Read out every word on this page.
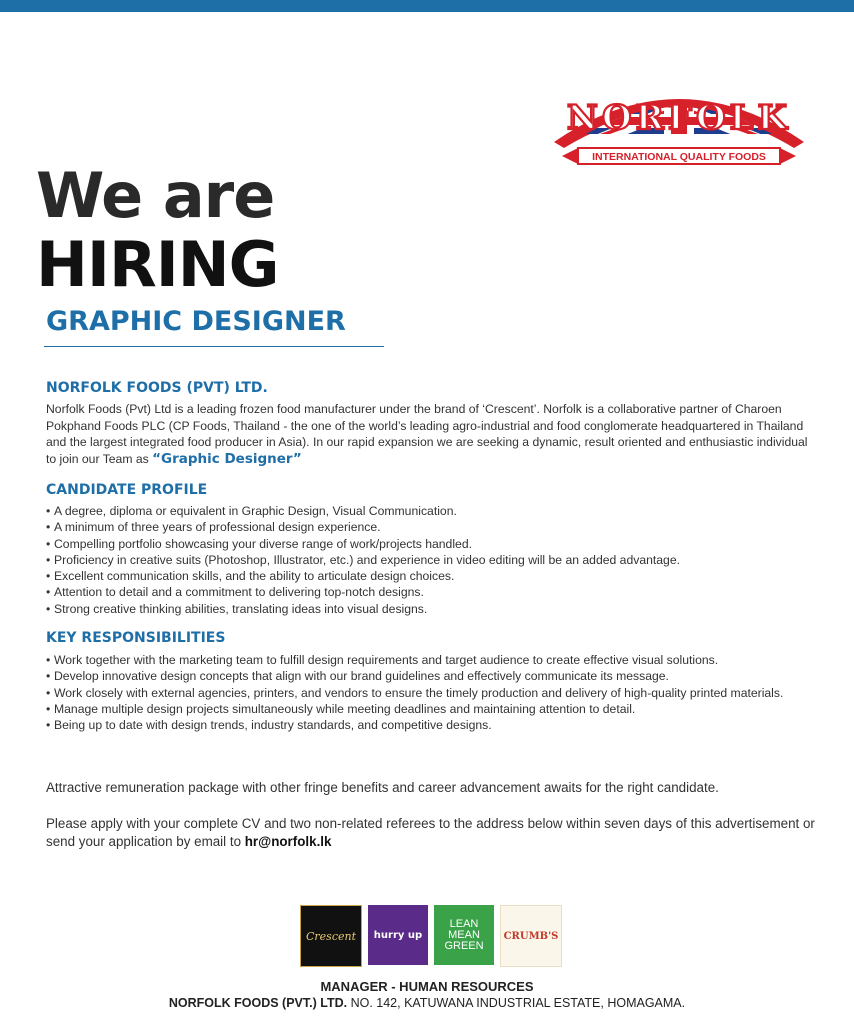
NORFOLK
INTERNATIONAL QUALITY FOODS
We are
HIRING
GRAPHIC DESIGNER
NORFOLK FOODS (PVT) LTD.
Norfolk Foods (Pvt) Ltd is a leading frozen food manufacturer under the brand of ‘Crescent’. Norfolk is a collaborative partner of Charoen Pokphand Foods PLC (CP Foods, Thailand - the one of the world’s leading agro-industrial and food conglomerate headquartered in Thailand and the largest integrated food producer in Asia). In our rapid expansion we are seeking a dynamic, result oriented and enthusiastic individual to join our Team as “Graphic Designer”
CANDIDATE PROFILE
• A degree, diploma or equivalent in Graphic Design, Visual Communication.
• A minimum of three years of professional design experience.
• Compelling portfolio showcasing your diverse range of work/projects handled.
• Proficiency in creative suits (Photoshop, Illustrator, etc.) and experience in video editing will be an added advantage.
• Excellent communication skills, and the ability to articulate design choices.
• Attention to detail and a commitment to delivering top-notch designs.
• Strong creative thinking abilities, translating ideas into visual designs.
KEY RESPONSIBILITIES
• Work together with the marketing team to fulfill design requirements and target audience to create effective visual solutions.
• Develop innovative design concepts that align with our brand guidelines and effectively communicate its message.
• Work closely with external agencies, printers, and vendors to ensure the timely production and delivery of high-quality printed materials.
• Manage multiple design projects simultaneously while meeting deadlines and maintaining attention to detail.
• Being up to date with design trends, industry standards, and competitive designs.
Attractive remuneration package with other fringe benefits and career advancement awaits for the right candidate.
Please apply with your complete CV and two non-related referees to the address below within seven days of this advertisement or send your application by email to hr@norfolk.lk
Crescent hurry up
LEAN
MEAN
GREEN
CRUMB'S
MANAGER - HUMAN RESOURCES
NORFOLK FOODS (PVT.) LTD. NO. 142, KATUWANA INDUSTRIAL ESTATE, HOMAGAMA.
